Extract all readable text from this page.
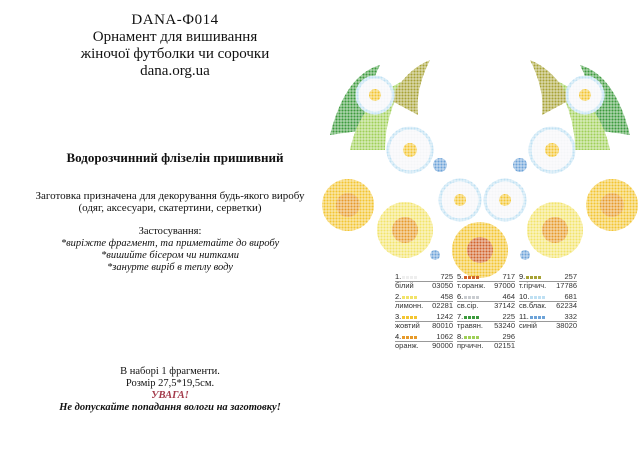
DANA-Ф014
Орнамент для вишивання
жіночої футболки чи сорочки
dana.org.ua
Водорозчинний флізелін пришивний
Заготовка призначена для декорування будь-якого виробу
(одяг, аксесуари, скатертини, серветки)
Застосування:
*виріжте фрагмент, та приметайте до виробу
*вишийте бісером чи нитками
*занурте виріб в теплу воду
В наборі 1 фрагменти.
Розмір 27,5*19,5см.
УВАГА!
Не допускайте попадання вологи на заготовку!
1.	725
білий 03050
2.	458
лимонн. 02281
3.	1242
жовтий 80010
4.	1062
оранж. 90000
5.	717
т.оранж. 97000
6.	464
св.сір. 37142
7.	225
травян. 53240
8.	296
прчичн. 02151
9.	257
т.гірчич. 17786
10.	681
св.блак. 62234
11.	332
синій	38020
